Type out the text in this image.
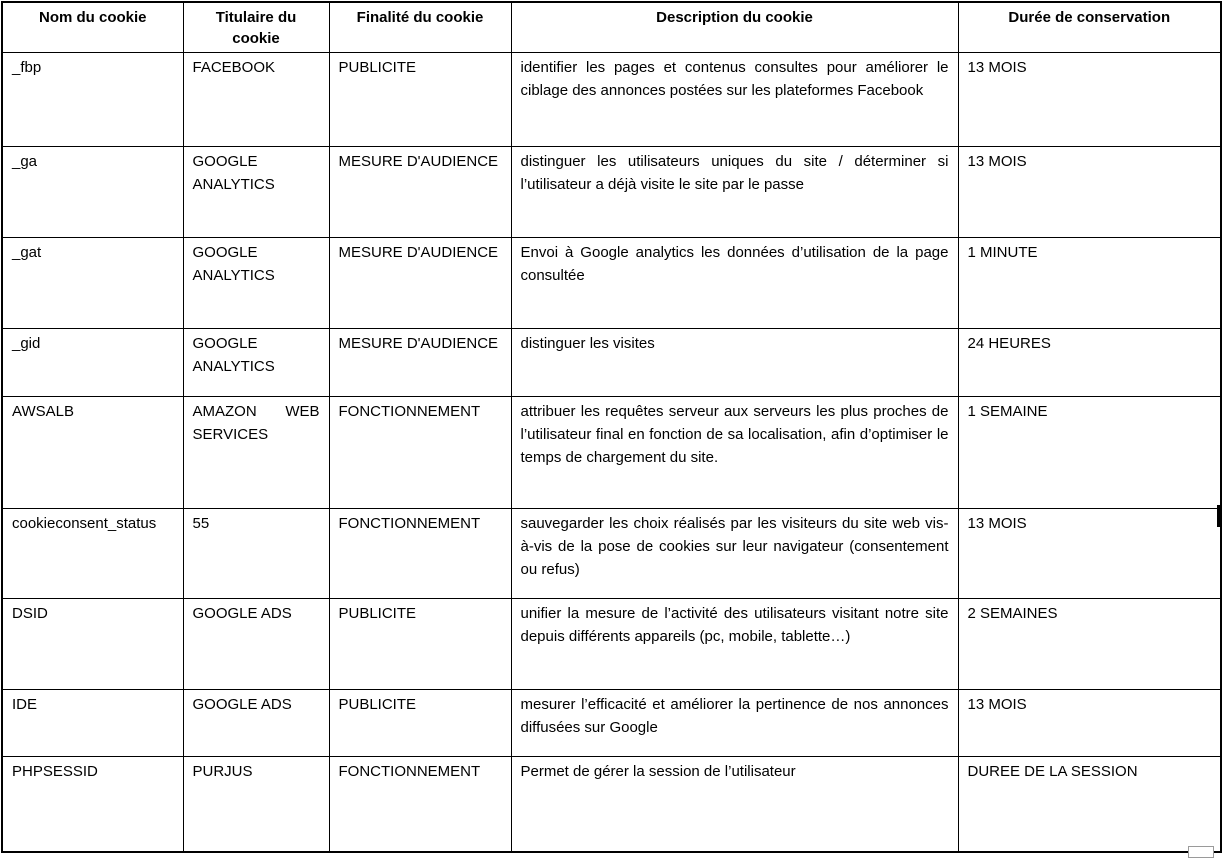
Nom du cookie	Titulaire du cookie	Finalité du cookie	Description du cookie	Durée de conservation
_fbp	FACEBOOK	PUBLICITE	identifier les pages et contenus consultes pour améliorer le ciblage des annonces postées sur les plateformes Facebook	13 MOIS
_ga	GOOGLE ANALYTICS	MESURE D'AUDIENCE	distinguer les utilisateurs uniques du site / déterminer si l’utilisateur a déjà visite le site par le passe	13 MOIS
_gat	GOOGLE ANALYTICS	MESURE D'AUDIENCE	Envoi à Google analytics les données d’utilisation de la page consultée	1 MINUTE
_gid	GOOGLE ANALYTICS	MESURE D'AUDIENCE	distinguer les visites	24 HEURES
AWSALB	AMAZON WEB SERVICES	FONCTIONNEMENT	attribuer les requêtes serveur aux serveurs les plus proches de l’utilisateur final en fonction de sa localisation, afin d’optimiser le temps de chargement du site.	1 SEMAINE
cookieconsent_status	55	FONCTIONNEMENT	sauvegarder les choix réalisés par les visiteurs du site web vis-à-vis de la pose de cookies sur leur navigateur (consentement ou refus)	13 MOIS
DSID	GOOGLE ADS	PUBLICITE	unifier la mesure de l’activité des utilisateurs visitant notre site depuis différents appareils (pc, mobile, tablette…)	2 SEMAINES
IDE	GOOGLE ADS	PUBLICITE	mesurer l’efficacité et améliorer la pertinence de nos annonces diffusées sur Google	13 MOIS
PHPSESSID	PURJUS	FONCTIONNEMENT	Permet de gérer la session de l’utilisateur	DUREE DE LA SESSION
